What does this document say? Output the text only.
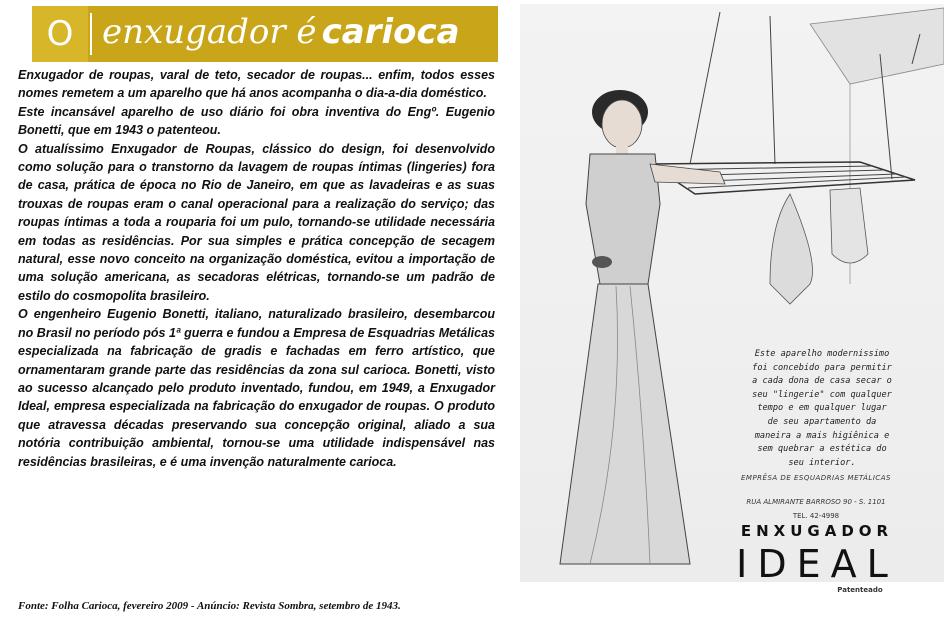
O enxugador é carioca

Enxugador de roupas, varal de teto, secador de roupas... enfim, todos esses nomes remetem a um aparelho que há anos acompanha o dia-a-dia doméstico.

Este incansável aparelho de uso diário foi obra inventiva do Engº. Eugenio Bonetti, que em 1943 o patenteou.

O atualíssimo Enxugador de Roupas, clássico do design, foi desenvolvido como solução para o transtorno da lavagem de roupas íntimas (lingeries) fora de casa, prática de época no Rio de Janeiro, em que as lavadeiras e as suas trouxas de roupas eram o canal operacional para a realização do serviço; das roupas íntimas a toda a rouparia foi um pulo, tornando-se utilidade necessária em todas as residências. Por sua simples e prática concepção de secagem natural, esse novo conceito na organização doméstica, evitou a importação de uma solução americana, as secadoras elétricas, tornando-se um padrão de estilo do cosmopolita brasileiro.

O engenheiro Eugenio Bonetti, italiano, naturalizado brasileiro, desembarcou no Brasil no período pós 1ª guerra e fundou a Empresa de Esquadrias Metálicas especializada na fabricação de gradis e fachadas em ferro artístico, que ornamentaram grande parte das residências da zona sul carioca. Bonetti, visto ao sucesso alcançado pelo produto inventado, fundou, em 1949, a Enxugador Ideal, empresa especializada na fabricação do enxugador de roupas. O produto que atravessa décadas preservando sua concepção original, aliado a sua notória contribuição ambiental, tornou-se uma utilidade indispensável nas residências brasileiras, e é uma invenção naturalmente carioca.

Fonte: Folha Carioca, fevereiro 2009 - Anúncio: Revista Sombra, setembro de 1943.
Este aparelho modernissimo
foi concebido para permitir
a cada dona de casa secar o
seu "lingerie" com qualquer
tempo e em qualquer lugar
de seu apartamento da
maneira a mais higiênica e
sem quebrar a estética do
seu interior.
EMPRÊSA DE ESQUADRIAS METÁLICAS
RUA ALMIRANTE BARROSO 90 - S. 1101
TEL. 42-4998
ENXUGADOR
IDEAL
Patenteado
